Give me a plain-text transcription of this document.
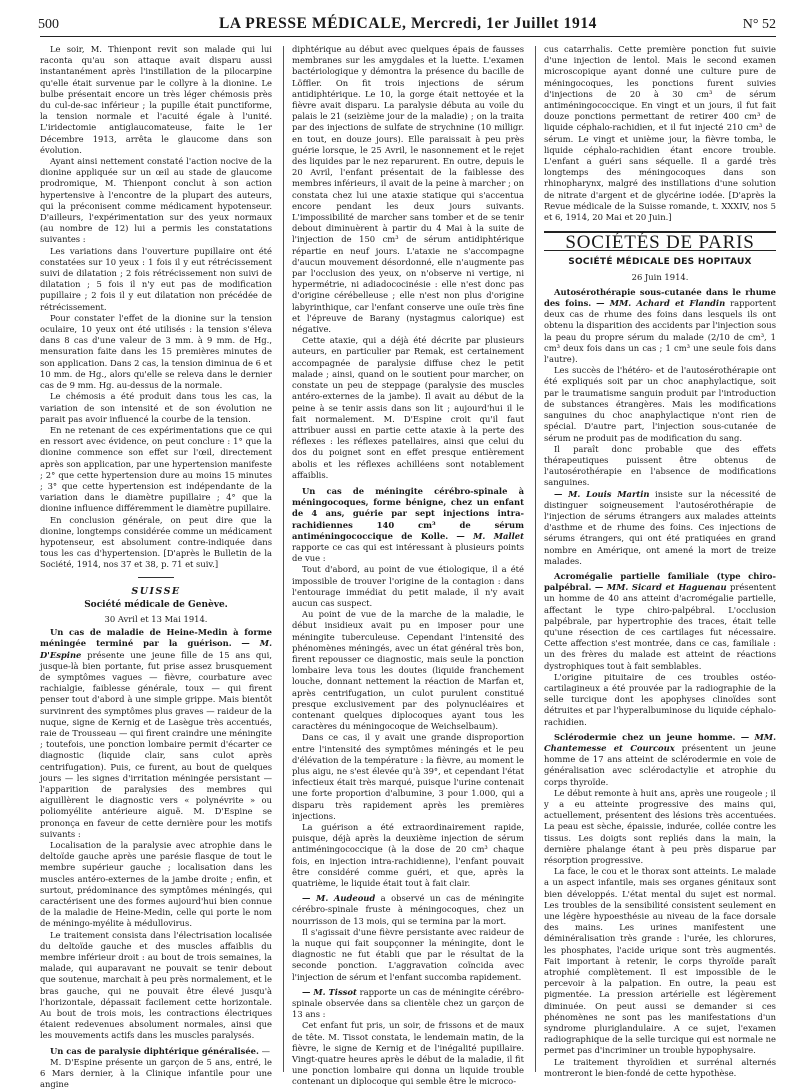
500	LA PRESSE MÉDICALE, Mercredi, 1er Juillet 1914	N° 52

Le soir, M. Thienpont revit son malade qui lui raconta qu'au son attaque avait disparu aussi instantanément après l'instillation de la pilocarpine qu'elle était survenue par le collyre à la dionine. Le bulbe présentait encore un très léger chémosis près du cul-de-sac inférieur ; la pupille était punctiforme, la tension normale et l'acuité égale à l'unité. L'iridectomie antiglaucomateuse, faite le 1er Décembre 1913, arrêta le glaucome dans son évolution.

Ayant ainsi nettement constaté l'action nocive de la dionine appliquée sur un œil au stade de glaucome prodromique, M. Thienpont conclut à son action hypertensive à l'encontre de la plupart des auteurs, qui la préconisent comme médicament hypotenseur. D'ailleurs, l'expérimentation sur des yeux normaux (au nombre de 12) lui a permis les constatations suivantes :

Les variations dans l'ouverture pupillaire ont été constatées sur 10 yeux : 1 fois il y eut rétrécissement suivi de dilatation ; 2 fois rétrécissement non suivi de dilatation ; 5 fois il n'y eut pas de modification pupillaire ; 2 fois il y eut dilatation non précédée de rétrécissement.

Pour constater l'effet de la dionine sur la tension oculaire, 10 yeux ont été utilisés : la tension s'éleva dans 8 cas d'une valeur de 3 mm. à 9 mm. de Hg., mensuration faite dans les 15 premières minutes de son application. Dans 2 cas, la tension diminua de 6 et 10 mm. de Hg., alors qu'elle se releva dans le dernier cas de 9 mm. Hg. au-dessus de la normale.

Le chémosis a été produit dans tous les cas, la variation de son intensité et de son évolution ne parait pas avoir influencé la courbe de la tension.

En ne retenant de ces expérimentations que ce qui en ressort avec évidence, on peut conclure : 1° que la dionine commence son effet sur l'œil, directement après son application, par une hypertension manifeste ; 2° que cette hypertension dure au moins 15 minutes ; 3° que cette hypertension est indépendante de la variation dans le diamètre pupillaire ; 4° que la dionine influence différemment le diamètre pupillaire.

En conclusion générale, on peut dire que la dionine, longtemps considérée comme un médicament hypotenseur, est absolument contre-indiquée dans tous les cas d'hypertension. [D'après le Bulletin de la Société, 1914, nos 37 et 38, p. 71 et suiv.]

SUISSE
Société médicale de Genève.
30 Avril et 13 Mai 1914.

Un cas de maladie de Heine-Medin à forme méningée terminé par la guérison. — M. D'Espine présente une jeune fille de 15 ans qui, jusque-là bien portante, fut prise assez brusquement de symptômes vagues — fièvre, courbature avec rachialgie, faiblesse générale, toux — qui firent penser tout d'abord à une simple grippe. Mais bientôt survinrent des symptômes plus graves — raideur de la nuque, signe de Kernig et de Lasègue très accentués, raie de Trousseau — qui firent craindre une méningite ; toutefois, une ponction lombaire permit d'écarter ce diagnostic (liquide clair, sans culot après centrifugation). Puis, ce furent, au bout de quelques jours — les signes d'irritation méningée persistant — l'apparition de paralysies des membres qui aiguillèrent le diagnostic vers « polynévrite » ou poliomyélite antérieure aiguë. M. D'Espine se prononça en faveur de cette dernière pour les motifs suivants :

Localisation de la paralysie avec atrophie dans le deltoïde gauche après une parésie flasque de tout le membre supérieur gauche ; localisation dans les muscles antéro-externes de la jambe droite ; enfin, et surtout, prédominance des symptômes méningés, qui caractérisent une des formes aujourd'hui bien connue de la maladie de Heine-Medin, celle qui porte le nom de méningo-myélite à médullovirus.

Le traitement consista dans l'électrisation localisée du deltoïde gauche et des muscles affaiblis du membre inférieur droit : au bout de trois semaines, la malade, qui auparavant ne pouvait se tenir debout que soutenue, marchait à peu près normalement, et le bras gauche, qui ne pouvait être élevé jusqu'à l'horizontale, dépassait facilement cette horizontale. Au bout de trois mois, les contractions électriques étaient redevenues absolument normales, ainsi que les mouvements actifs dans les muscles paralysés.

Un cas de paralysie diphtérique généralisée. —

M. D'Espine présente un garçon de 5 ans, entré, le 6 Mars dernier, à la Clinique infantile pour une angine

diphtérique au début avec quelques épais de fausses membranes sur les amygdales et la luette. L'examen bactériologique y démontra la présence du bacille de Löffler. On fit trois injections de sérum antidiphtérique. Le 10, la gorge était nettoyée et la fièvre avait disparu. La paralysie débuta au voile du palais le 21 (seizième jour de la maladie) ; on la traita par des injections de sulfate de strychnine (10 milligr. en tout, en douze jours). Elle paraissait à peu près guérie lorsque, le 25 Avril, le nasonnement et le rejet des liquides par le nez reparurent. En outre, depuis le 20 Avril, l'enfant présentait de la faiblesse des membres inférieurs, il avait de la peine à marcher ; on constata chez lui une ataxie statique qui s'accentua encore pendant les deux jours suivants. L'impossibilité de marcher sans tomber et de se tenir debout diminuèrent à partir du 4 Mai à la suite de l'injection de 150 cm³ de sérum antidiphtérique répartie en neuf jours. L'ataxie ne s'accompagne d'aucun mouvement désordonné, elle n'augmente pas par l'occlusion des yeux, on n'observe ni vertige, ni hypermétrie, ni adiadococinésie : elle n'est donc pas d'origine cérébelleuse ; elle n'est non plus d'origine labyrinthique, car l'enfant conserve une ouïe très fine et l'épreuve de Barany (nystagmus calorique) est négative.

Cette ataxie, qui a déjà été décrite par plusieurs auteurs, en particulier par Remak, est certainement accompagnée de paralysie diffuse chez le petit malade ; ainsi, quand on le soutient pour marcher, on constate un peu de steppage (paralysie des muscles antéro-externes de la jambe). Il avait au début de la peine à se tenir assis dans son lit ; aujourd'hui il le fait normalement. M. D'Espine croit qu'il faut attribuer aussi en partie cette ataxie à la perte des réflexes : les réflexes patellaires, ainsi que celui du dos du poignet sont en effet presque entièrement abolis et les réflexes achilléens sont notablement affaiblis.

Un cas de méningite cérébro-spinale à méningocoques, forme bénigne, chez un enfant de 4 ans, guérie par sept injections intra-rachidiennes 140 cm³ de sérum antiméningococcique de Kolle. — M. Mallet rapporte ce cas qui est intéressant à plusieurs points de vue :

Tout d'abord, au point de vue étiologique, il a été impossible de trouver l'origine de la contagion : dans l'entourage immédiat du petit malade, il n'y avait aucun cas suspect.

Au point de vue de la marche de la maladie, le début insidieux avait pu en imposer pour une méningite tuberculeuse. Cependant l'intensité des phénomènes méningés, avec un état général très bon, firent repousser ce diagnostic, mais seule la ponction lombaire leva tous les doutes (liquide franchement louche, donnant nettement la réaction de Marfan et, après centrifugation, un culot purulent constitué presque exclusivement par des polynucléaires et contenant quelques diplocoques ayant tous les caractères du méningocoque de Weichselbaum).

Dans ce cas, il y avait une grande disproportion entre l'intensité des symptômes méningés et le peu d'élévation de la température : la fièvre, au moment le plus aigu, ne s'est élevée qu'à 39°, et cependant l'état infectieux était très marqué, puisque l'urine contenait une forte proportion d'albumine, 3 pour 1.000, qui a disparu très rapidement après les premières injections.

La guérison a été extraordinairement rapide, puisque, déjà après la deuxième injection de sérum antiméningococcique (à la dose de 20 cm³ chaque fois, en injection intra-rachidienne), l'enfant pouvait être considéré comme guéri, et que, après la quatrième, le liquide était tout à fait clair.

— M. Audeoud a observé un cas de méningite cérébro-spinale fruste à méningocoques, chez un nourrisson de 13 mois, qui se termina par la mort.

Il s'agissait d'une fièvre persistante avec raideur de la nuque qui fait soupçonner la méningite, dont le diagnostic ne fut établi que par le résultat de la seconde ponction. L'aggravation coïncida avec l'injection de sérum et l'enfant succomba rapidement.

— M. Tissot rapporte un cas de méningite cérébro-spinale observée dans sa clientèle chez un garçon de 13 ans :

Cet enfant fut pris, un soir, de frissons et de maux de tête. M. Tissot constata, le lendemain matin, de la fièvre, le signe de Kernig et de l'inégalité pupillaire. Vingt-quatre heures après le début de la maladie, il fit une ponction lombaire qui donna un liquide trouble contenant un diplocoque qui semble être le microco-

cus catarrhalis. Cette première ponction fut suivie d'une injection de lentol. Mais le second examen microscopique ayant donné une culture pure de méningocoques, les ponctions furent suivies d'injections de 20 à 30 cm³ de sérum antiméningococcique. En vingt et un jours, il fut fait douze ponctions permettant de retirer 400 cm³ de liquide céphalo-rachidien, et il fut injecté 210 cm³ de sérum. Le vingt et unième jour, la fièvre tomba, le liquide céphalo-rachidien étant encore trouble. L'enfant a guéri sans séquelle. Il a gardé très longtemps des méningocoques dans son rhinopharynx, malgré des instillations d'une solution de nitrate d'argent et de glycérine iodée. [D'après la Revue médicale de la Suisse romande, t. XXXIV, nos 5 et 6, 1914, 20 Mai et 20 Juin.]

SOCIÉTÉS DE PARIS
SOCIÉTÉ MÉDICALE DES HOPITAUX
26 Juin 1914.

Autosérothérapie sous-cutanée dans le rhume des foins. — MM. Achard et Flandin rapportent deux cas de rhume des foins dans lesquels ils ont obtenu la disparition des accidents par l'injection sous la peau du propre sérum du malade (2/10 de cm³, 1 cm³ deux fois dans un cas ; 1 cm³ une seule fois dans l'autre).

Les succès de l'hétéro- et de l'autosérothérapie ont été expliqués soit par un choc anaphylactique, soit par le traumatisme sanguin produit par l'introduction de substances étrangères. Mais les modifications sanguines du choc anaphylactique n'ont rien de spécial. D'autre part, l'injection sous-cutanée de sérum ne produit pas de modification du sang.

Il paraît donc probable que des effets thérapeutiques puissent être obtenus de l'autosérothérapie en l'absence de modifications sanguines.

— M. Louis Martin insiste sur la nécessité de distinguer soigneusement l'autosérothérapie de l'injection de sérums étrangers aux malades atteints d'asthme et de rhume des foins. Ces injections de sérums étrangers, qui ont été pratiquées en grand nombre en Amérique, ont amené la mort de treize malades.

Acromégalie partielle familiale (type chiro-palpébral. — MM. Sicard et Haguenau présentent un homme de 40 ans atteint d'acromégalie partielle, affectant le type chiro-palpébral. L'occlusion palpébrale, par hypertrophie des traces, était telle qu'une résection de ces cartilages fut nécessaire. Cette affection s'est montrée, dans ce cas, familiale : un des frères du malade est atteint de réactions dystrophiques tout à fait semblables.

L'origine pituitaire de ces troubles ostéo-cartilagineux a été prouvée par la radiographie de la selle turcique dont les apophyses clinoïdes sont détruites et par l'hyperalbuminose du liquide céphalo-rachidien.

Sclérodermie chez un jeune homme. — MM. Chantemesse et Courcoux présentent un jeune homme de 17 ans atteint de sclérodermie en voie de généralisation avec sclérodactylie et atrophie du corps thyroïde.

Le début remonte à huit ans, après une rougeole ; il y a eu atteinte progressive des mains qui, actuellement, présentent des lésions très accentuées. La peau est sèche, épaissie, indurée, collée contre les tissus. Les doigts sont repliés dans la main, la dernière phalange étant à peu près disparue par résorption progressive.

La face, le cou et le thorax sont atteints. Le malade a un aspect infantile, mais ses organes génitaux sont bien développés. L'état mental du sujet est normal. Les troubles de la sensibilité consistent seulement en une légère hypoesthésie au niveau de la face dorsale des mains. Les urines manifestent une déminéralisation très grande : l'urée, les chlorures, les phosphates, l'acide urique sont très augmentés. Fait important à retenir, le corps thyroïde paraît atrophié complètement. Il est impossible de le percevoir à la palpation. En outre, la peau est pigmentée. La pression artérielle est légèrement diminuée. On peut aussi se demander si ces phénomènes ne sont pas les manifestations d'un syndrome pluriglandulaire. A ce sujet, l'examen radiographique de la selle turcique qui est normale ne permet pas d'incriminer un trouble hypophysaire.

Le traitement thyroïdien et surrénal alternés montreront le bien-fondé de cette hypothèse.
